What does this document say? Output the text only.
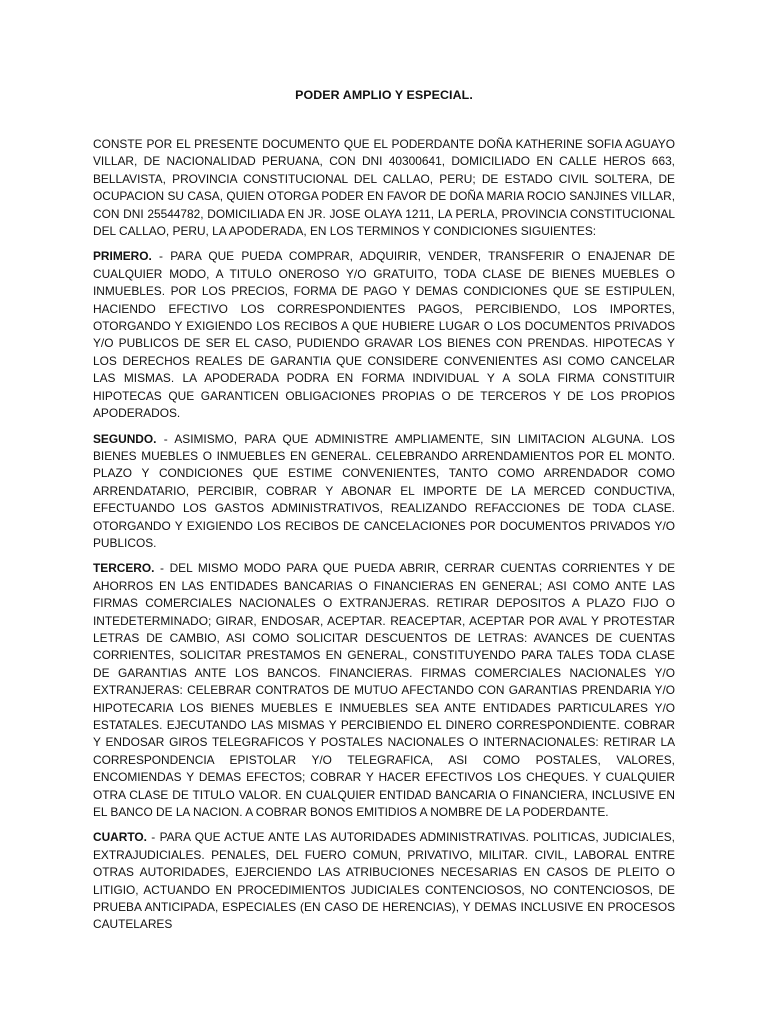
PODER AMPLIO Y ESPECIAL.

CONSTE POR EL PRESENTE DOCUMENTO QUE EL PODERDANTE DOÑA KATHERINE SOFIA AGUAYO VILLAR, DE NACIONALIDAD PERUANA, CON DNI 40300641, DOMICILIADO EN CALLE HEROS 663, BELLAVISTA, PROVINCIA CONSTITUCIONAL DEL CALLAO, PERU; DE ESTADO CIVIL SOLTERA, DE OCUPACION SU CASA, QUIEN OTORGA PODER EN FAVOR DE DOÑA MARIA ROCIO SANJINES VILLAR, CON DNI 25544782, DOMICILIADA EN JR. JOSE OLAYA 1211, LA PERLA, PROVINCIA CONSTITUCIONAL DEL CALLAO, PERU, LA APODERADA, EN LOS TERMINOS Y CONDICIONES SIGUIENTES:

PRIMERO. - PARA QUE PUEDA COMPRAR, ADQUIRIR, VENDER, TRANSFERIR O ENAJENAR DE CUALQUIER MODO, A TITULO ONEROSO Y/O GRATUITO, TODA CLASE DE BIENES MUEBLES O INMUEBLES. POR LOS PRECIOS, FORMA DE PAGO Y DEMAS CONDICIONES QUE SE ESTIPULEN, HACIENDO EFECTIVO LOS CORRESPONDIENTES PAGOS, PERCIBIENDO, LOS IMPORTES, OTORGANDO Y EXIGIENDO LOS RECIBOS A QUE HUBIERE LUGAR O LOS DOCUMENTOS PRIVADOS Y/O PUBLICOS DE SER EL CASO, PUDIENDO GRAVAR LOS BIENES CON PRENDAS. HIPOTECAS Y LOS DERECHOS REALES DE GARANTIA QUE CONSIDERE CONVENIENTES ASI COMO CANCELAR LAS MISMAS. LA APODERADA PODRA EN FORMA INDIVIDUAL Y A SOLA FIRMA CONSTITUIR HIPOTECAS QUE GARANTICEN OBLIGACIONES PROPIAS O DE TERCEROS Y DE LOS PROPIOS APODERADOS.

SEGUNDO. - ASIMISMO, PARA QUE ADMINISTRE AMPLIAMENTE, SIN LIMITACION ALGUNA. LOS BIENES MUEBLES O INMUEBLES EN GENERAL. CELEBRANDO ARRENDAMIENTOS POR EL MONTO. PLAZO Y CONDICIONES QUE ESTIME CONVENIENTES, TANTO COMO ARRENDADOR COMO ARRENDATARIO, PERCIBIR, COBRAR Y ABONAR EL IMPORTE DE LA MERCED CONDUCTIVA, EFECTUANDO LOS GASTOS ADMINISTRATIVOS, REALIZANDO REFACCIONES DE TODA CLASE. OTORGANDO Y EXIGIENDO LOS RECIBOS DE CANCELACIONES POR DOCUMENTOS PRIVADOS Y/O PUBLICOS.

TERCERO. - DEL MISMO MODO PARA QUE PUEDA ABRIR, CERRAR CUENTAS CORRIENTES Y DE AHORROS EN LAS ENTIDADES BANCARIAS O FINANCIERAS EN GENERAL; ASI COMO ANTE LAS FIRMAS COMERCIALES NACIONALES O EXTRANJERAS. RETIRAR DEPOSITOS A PLAZO FIJO O INTEDETERMINADO; GIRAR, ENDOSAR, ACEPTAR. REACEPTAR, ACEPTAR POR AVAL Y PROTESTAR LETRAS DE CAMBIO, ASI COMO SOLICITAR DESCUENTOS DE LETRAS: AVANCES DE CUENTAS CORRIENTES, SOLICITAR PRESTAMOS EN GENERAL, CONSTITUYENDO PARA TALES TODA CLASE DE GARANTIAS ANTE LOS BANCOS. FINANCIERAS. FIRMAS COMERCIALES NACIONALES Y/O EXTRANJERAS: CELEBRAR CONTRATOS DE MUTUO AFECTANDO CON GARANTIAS PRENDARIA Y/O HIPOTECARIA LOS BIENES MUEBLES E INMUEBLES SEA ANTE ENTIDADES PARTICULARES Y/O ESTATALES. EJECUTANDO LAS MISMAS Y PERCIBIENDO EL DINERO CORRESPONDIENTE. COBRAR Y ENDOSAR GIROS TELEGRAFICOS Y POSTALES NACIONALES O INTERNACIONALES: RETIRAR LA CORRESPONDENCIA EPISTOLAR Y/O TELEGRAFICA, ASI COMO POSTALES, VALORES, ENCOMIENDAS Y DEMAS EFECTOS; COBRAR Y HACER EFECTIVOS LOS CHEQUES. Y CUALQUIER OTRA CLASE DE TITULO VALOR. EN CUALQUIER ENTIDAD BANCARIA O FINANCIERA, INCLUSIVE EN EL BANCO DE LA NACION. A COBRAR BONOS EMITIDIOS A NOMBRE DE LA PODERDANTE.

CUARTO. - PARA QUE ACTUE ANTE LAS AUTORIDADES ADMINISTRATIVAS. POLITICAS, JUDICIALES, EXTRAJUDICIALES. PENALES, DEL FUERO COMUN, PRIVATIVO, MILITAR. CIVIL, LABORAL ENTRE OTRAS AUTORIDADES, EJERCIENDO LAS ATRIBUCIONES NECESARIAS EN CASOS DE PLEITO O LITIGIO, ACTUANDO EN PROCEDIMIENTOS JUDICIALES CONTENCIOSOS, NO CONTENCIOSOS, DE PRUEBA ANTICIPADA, ESPECIALES (EN CASO DE HERENCIAS), Y DEMAS INCLUSIVE EN PROCESOS CAUTELARES
